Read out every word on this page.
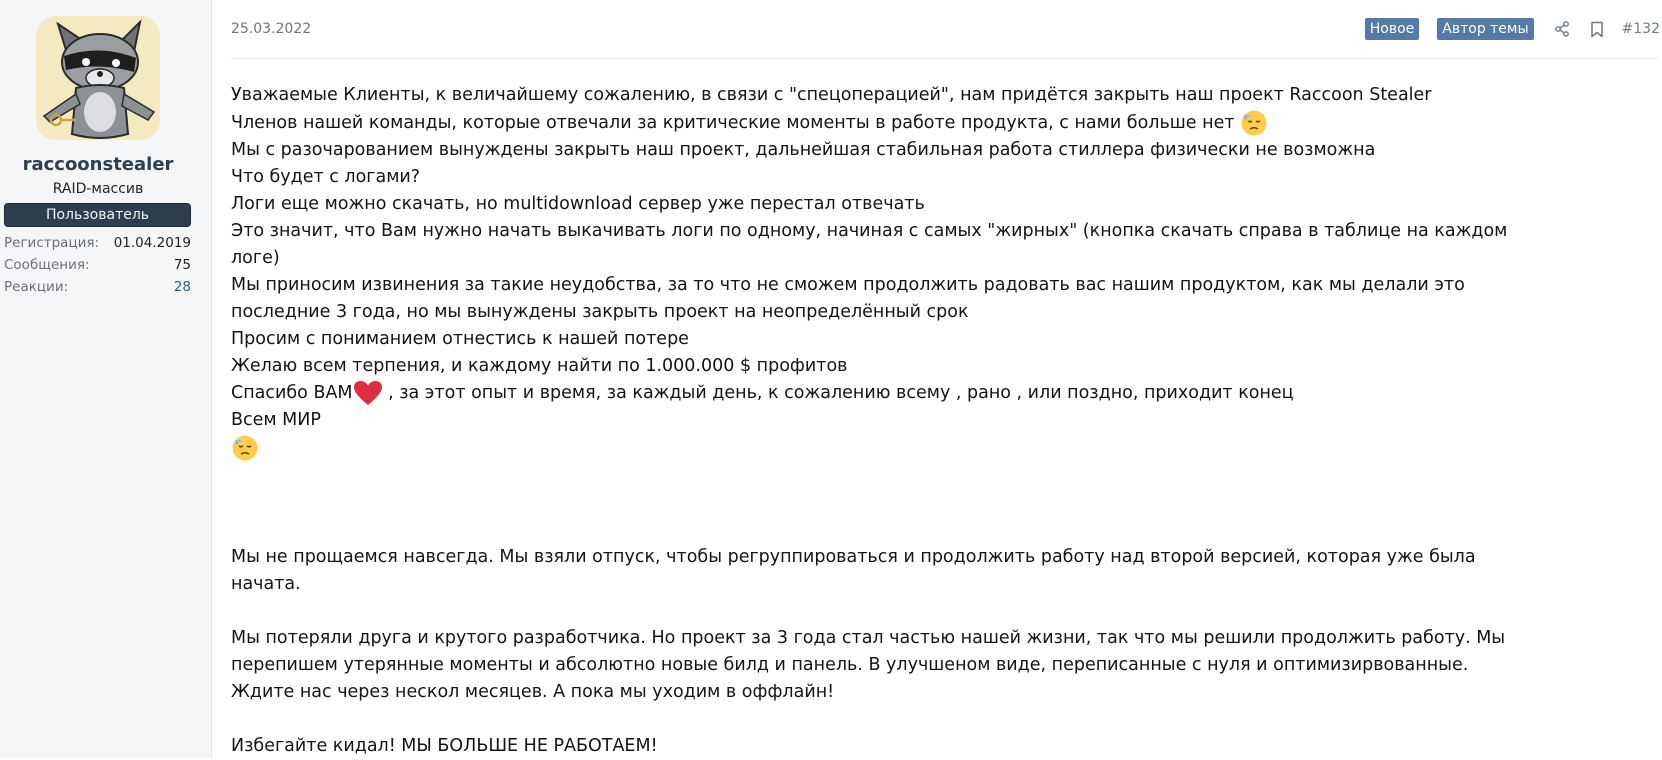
raccoonstealer
RAID-массив
Пользователь
Регистрация: 01.04.2019
Сообщения:	75
Реакции:	28
25.03.2022	Новое	Автор темы	#132

Уважаемые Клиенты, к величайшему сожалению, в связи с "спецоперацией", нам придётся закрыть наш проект Raccoon Stealer

Членов нашей команды, которые отвечали за критические моменты в работе продукта, с нами больше нет

Мы с разочарованием вынуждены закрыть наш проект, дальнейшая стабильная работа стиллера физически не возможна

Что будет с логами?

Логи еще можно скачать, но multidownload сервер уже перестал отвечать

Это значит, что Вам нужно начать выкачивать логи по одному, начиная с самых "жирных" (кнопка скачать справа в таблице на каждом логе)

Мы приносим извинения за такие неудобства, за то что не сможем продолжить радовать вас нашим продуктом, как мы делали это последние 3 года, но мы вынуждены закрыть проект на неопределённый срок

Просим с пониманием отнестись к нашей потере

Желаю всем терпения, и каждому найти по 1.000.000 $ профитов

Спасибо ВАМ , за этот опыт и время, за каждый день, к сожалению всему , рано , или поздно, приходит конец

Всем МИР

Мы не прощаемся навсегда. Мы взяли отпуск, чтобы регруппироваться и продолжить работу над второй версией, которая уже была начата.

Мы потеряли друга и крутого разработчика. Но проект за 3 года стал частью нашей жизни, так что мы решили продолжить работу. Мы перепишем утерянные моменты и абсолютно новые билд и панель. В улучшеном виде, переписанные с нуля и оптимизирвованные.

Ждите нас через нескол месяцев. А пока мы уходим в оффлайн!

Избегайте кидал! МЫ БОЛЬШЕ НЕ РАБОТАЕМ!
